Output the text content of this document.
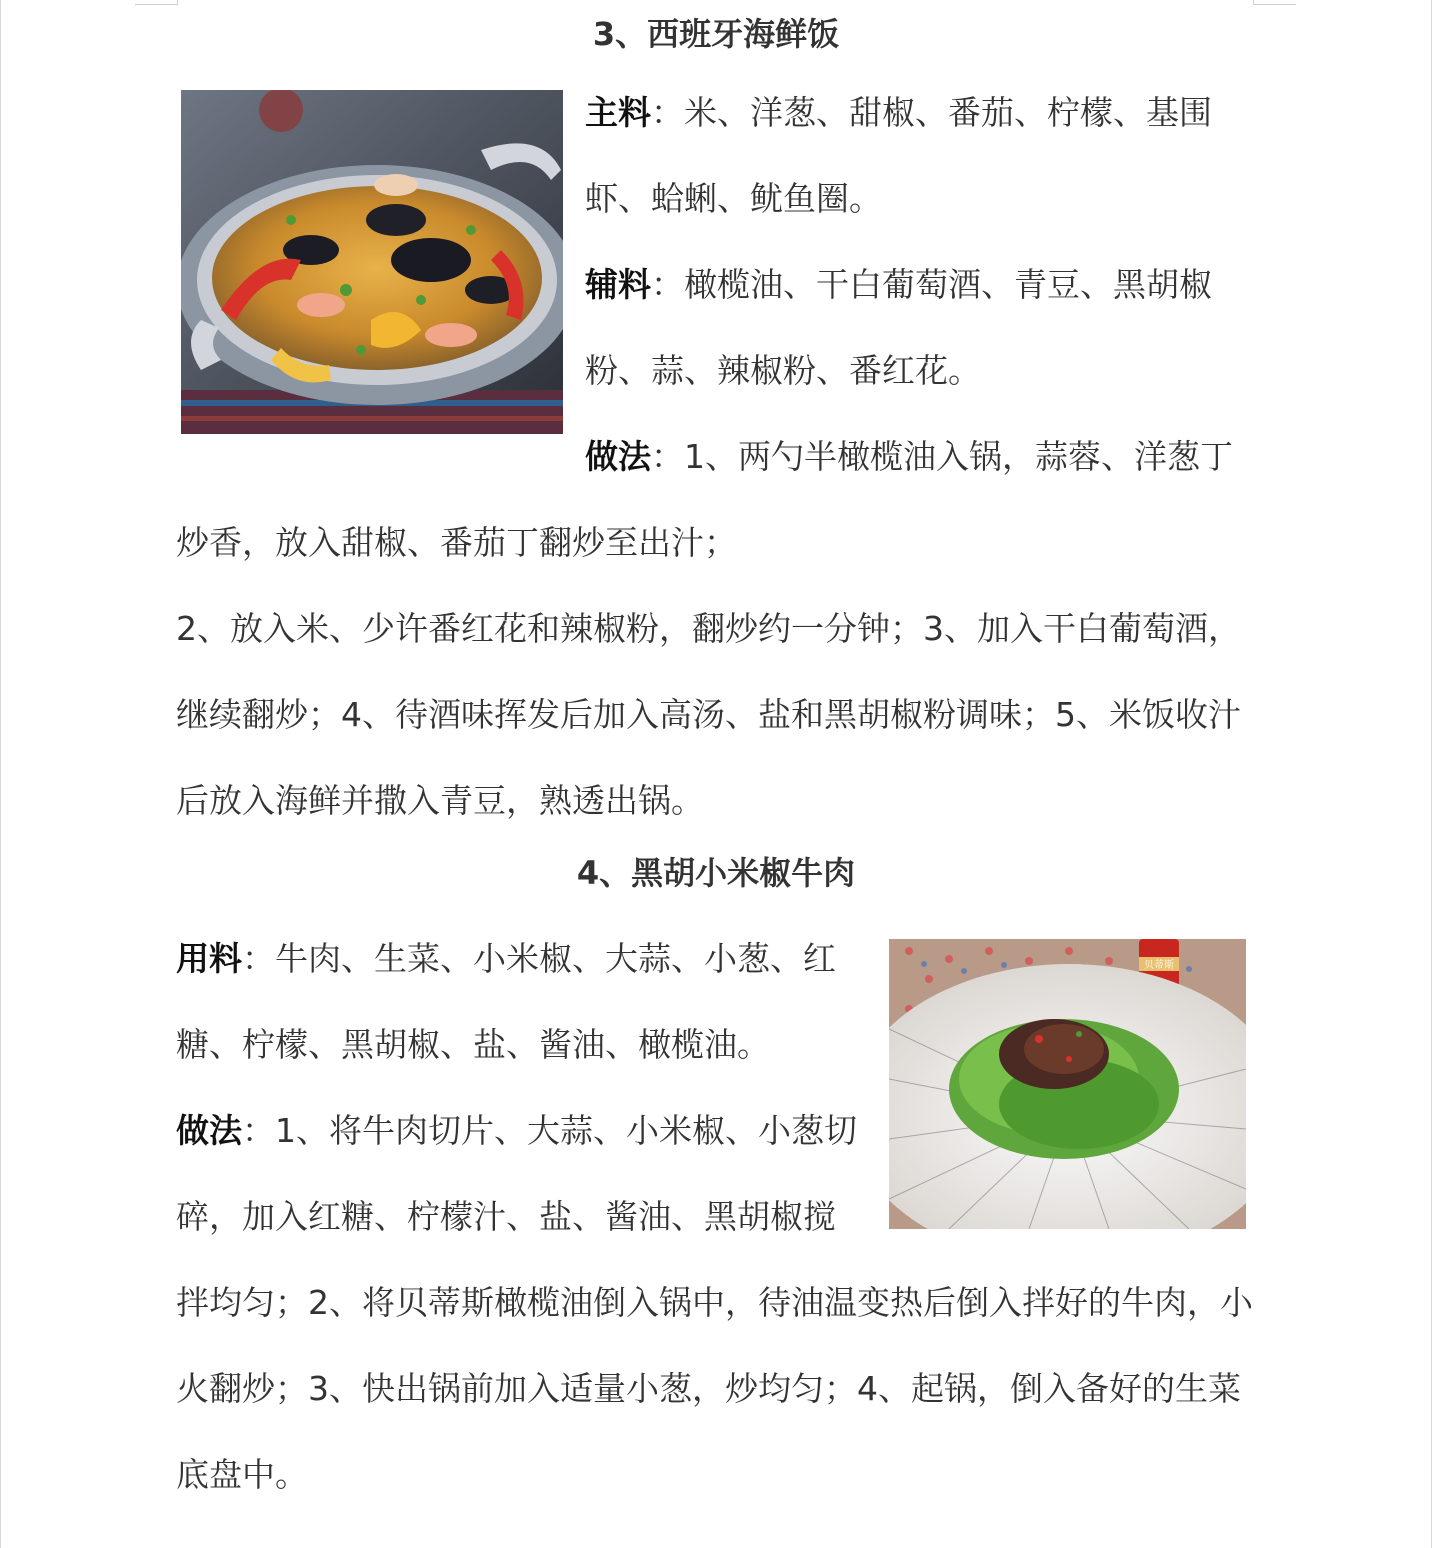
3、西班牙海鲜饭

主料：米、洋葱、甜椒、番茄、柠檬、基围虾、蛤蜊、鱿鱼圈。

辅料：橄榄油、干白葡萄酒、青豆、黑胡椒粉、蒜、辣椒粉、番红花。

做法：1、两勺半橄榄油入锅，蒜蓉、洋葱丁炒香，放入甜椒、番茄丁翻炒至出汁；

2、放入米、少许番红花和辣椒粉，翻炒约一分钟；3、加入干白葡萄酒，继续翻炒；4、待酒味挥发后加入高汤、盐和黑胡椒粉调味；5、米饭收汁后放入海鲜并撒入青豆，熟透出锅。

4、黑胡小米椒牛肉
贝蒂斯

用料：牛肉、生菜、小米椒、大蒜、小葱、红糖、柠檬、黑胡椒、盐、酱油、橄榄油。

做法：1、将牛肉切片、大蒜、小米椒、小葱切碎，加入红糖、柠檬汁、盐、酱油、黑胡椒搅拌均匀；2、将贝蒂斯橄榄油倒入锅中，待油温变热后倒入拌好的牛肉，小火翻炒；3、快出锅前加入适量小葱，炒均匀；4、起锅，倒入备好的生菜底盘中。
